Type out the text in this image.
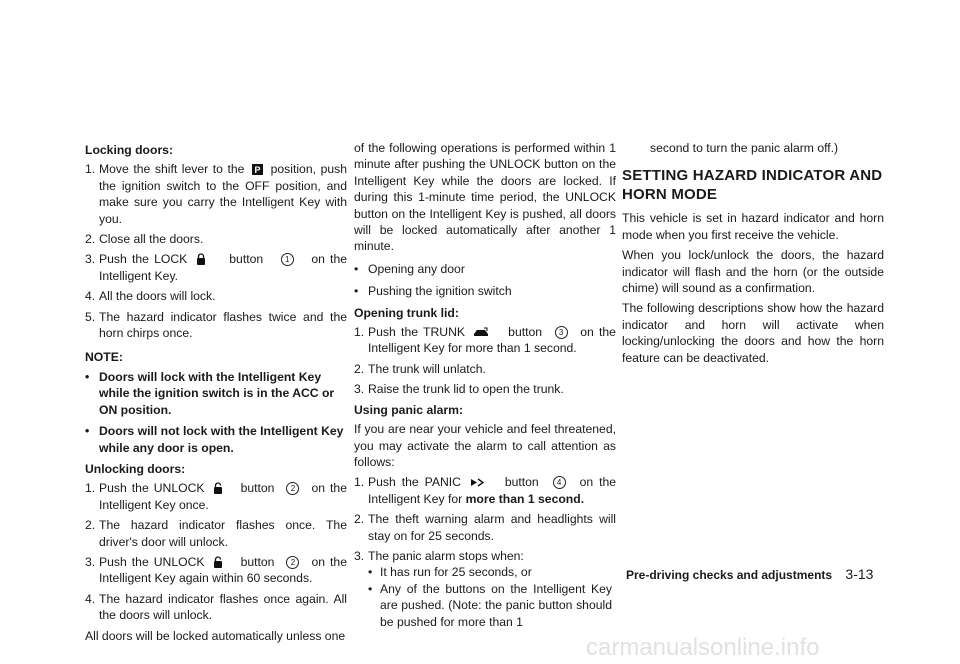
Locking doors:

1. Move the shift lever to the P position, push the ignition switch to the OFF position, and make sure you carry the Intelligent Key with you.
2. Close all the doors.
3. Push the LOCK	button	1 on the Intelligent Key.
4. All the doors will lock.
5. The hazard indicator flashes twice and the horn chirps once.

NOTE:

• Doors will lock with the Intelligent Key while the ignition switch is in the ACC or ON position.
• Doors will not lock with the Intelligent Key while any door is open.

Unlocking doors:

1. Push the UNLOCK	button 2 on the Intelligent Key once.
2. The hazard indicator flashes once. The driver's door will unlock.
3. Push the UNLOCK	button 2 on the Intelligent Key again within 60 seconds.
4. The hazard indicator flashes once again. All the doors will unlock.

All doors will be locked automatically unless one

of the following operations is performed within 1 minute after pushing the UNLOCK button on the Intelligent Key while the doors are locked. If during this 1-minute time period, the UNLOCK button on the Intelligent Key is pushed, all doors will be locked automatically after another 1 minute.

• Opening any door
• Pushing the ignition switch

Opening trunk lid:

1. Push the TRUNK	button 3 on the Intelligent Key for more than 1 second.
2. The trunk will unlatch.
3. Raise the trunk lid to open the trunk.

Using panic alarm:

If you are near your vehicle and feel threatened, you may activate the alarm to call attention as follows:

1. Push the PANIC	button 4 on the Intelligent Key for more than 1 second.
2. The theft warning alarm and headlights will stay on for 25 seconds.
3. The panic alarm stops when:
• It has run for 25 seconds, or
• Any of the buttons on the Intelligent Key are pushed. (Note: the panic button should be pushed for more than 1

second to turn the panic alarm off.)

SETTING HAZARD INDICATOR AND HORN MODE

This vehicle is set in hazard indicator and horn mode when you first receive the vehicle.

When you lock/unlock the doors, the hazard indicator will flash and the horn (or the outside chime) will sound as a confirmation.

The following descriptions show how the hazard indicator and horn will activate when locking/unlocking the doors and how the horn feature can be deactivated.

Pre-driving checks and adjustments 3-13
carmanualsonline.info
